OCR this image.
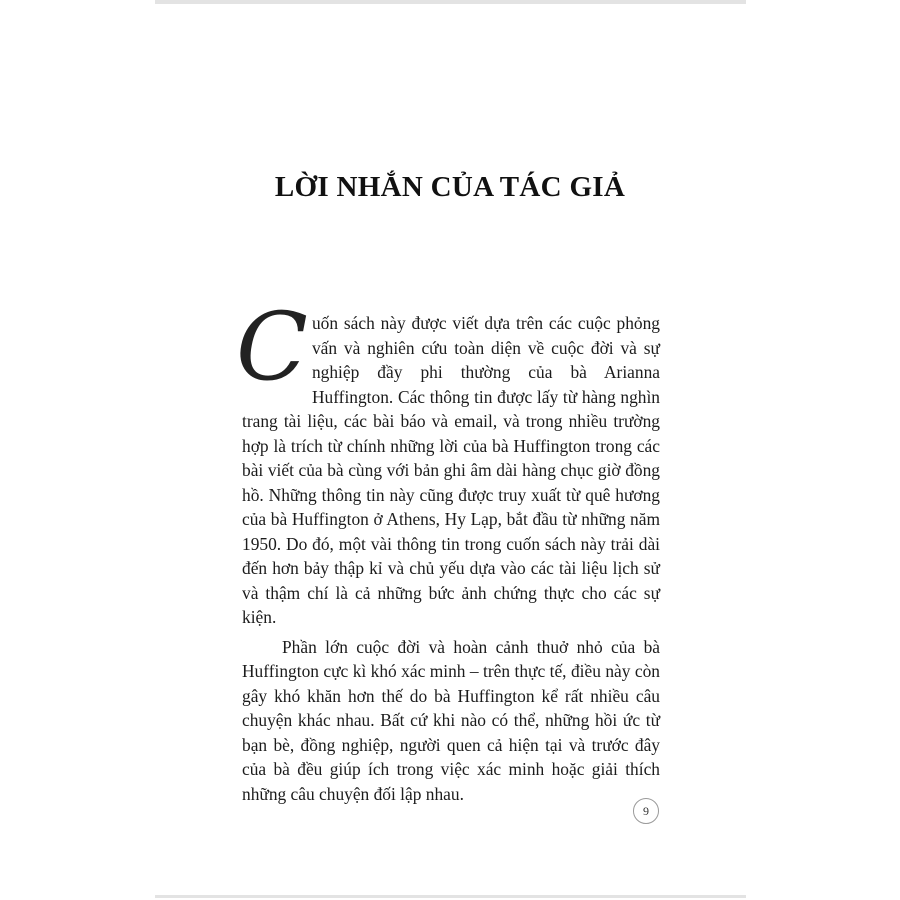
LỜI NHẮN CỦA TÁC GIẢ

Cuốn sách này được viết dựa trên các cuộc phỏng vấn và nghiên cứu toàn diện về cuộc đời và sự nghiệp đầy phi thường của bà Arianna Huffington. Các thông tin được lấy từ hàng nghìn trang tài liệu, các bài báo và email, và trong nhiều trường hợp là trích từ chính những lời của bà Huffington trong các bài viết của bà cùng với bản ghi âm dài hàng chục giờ đồng hồ. Những thông tin này cũng được truy xuất từ quê hương của bà Huffington ở Athens, Hy Lạp, bắt đầu từ những năm 1950. Do đó, một vài thông tin trong cuốn sách này trải dài đến hơn bảy thập kỉ và chủ yếu dựa vào các tài liệu lịch sử và thậm chí là cả những bức ảnh chứng thực cho các sự kiện.

Phần lớn cuộc đời và hoàn cảnh thuở nhỏ của bà Huffington cực kì khó xác minh – trên thực tế, điều này còn gây khó khăn hơn thế do bà Huffington kể rất nhiều câu chuyện khác nhau. Bất cứ khi nào có thể, những hồi ức từ bạn bè, đồng nghiệp, người quen cả hiện tại và trước đây của bà đều giúp ích trong việc xác minh hoặc giải thích những câu chuyện đối lập nhau.

9
